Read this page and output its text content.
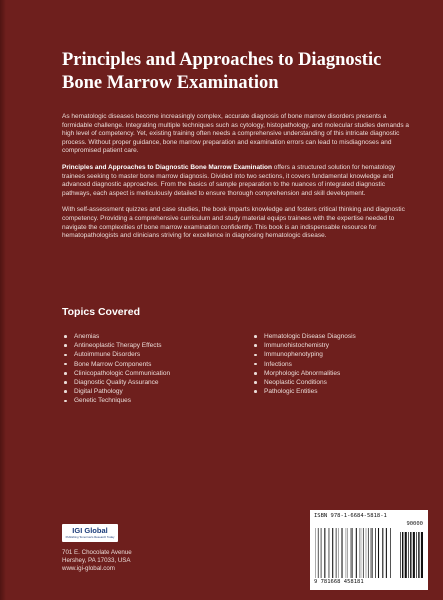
Principles and Approaches to Diagnostic
Bone Marrow Examination

As hematologic diseases become increasingly complex, accurate diagnosis of bone marrow disorders presents a formidable challenge. Integrating multiple techniques such as cytology, histopathology, and molecular studies demands a high level of competency. Yet, existing training often needs a comprehensive understanding of this intricate diagnostic process. Without proper guidance, bone marrow preparation and examination errors can lead to misdiagnoses and compromised patient care.

Principles and Approaches to Diagnostic Bone Marrow Examination offers a structured solution for hematology trainees seeking to master bone marrow diagnosis. Divided into two sections, it covers fundamental knowledge and advanced diagnostic approaches. From the basics of sample preparation to the nuances of integrated diagnostic pathways, each aspect is meticulously detailed to ensure thorough comprehension and skill development.

With self-assessment quizzes and case studies, the book imparts knowledge and fosters critical thinking and diagnostic competency. Providing a comprehensive curriculum and study material equips trainees with the expertise needed to navigate the complexities of bone marrow examination confidently. This book is an indispensable resource for hematopathologists and clinicians striving for excellence in diagnosing hematologic disease.

Topics Covered
Anemias
Antineoplastic Therapy Effects
Autoimmune Disorders
Bone Marrow Components
Clinicopathologic Communication
Diagnostic Quality Assurance
Digital Pathology
Genetic Techniques
Hematologic Disease Diagnosis
Immunohistochemistry
Immunophenotyping
Infections
Morphologic Abnormalities
Neoplastic Conditions
Pathologic Entities
IGI Global
Publishing Tomorrow's Research Today
701 E. Chocolate Avenue
Hershey, PA 17033, USA
www.igi-global.com
ISBN 978-1-6684-5818-1
90000
9 781668 458181
